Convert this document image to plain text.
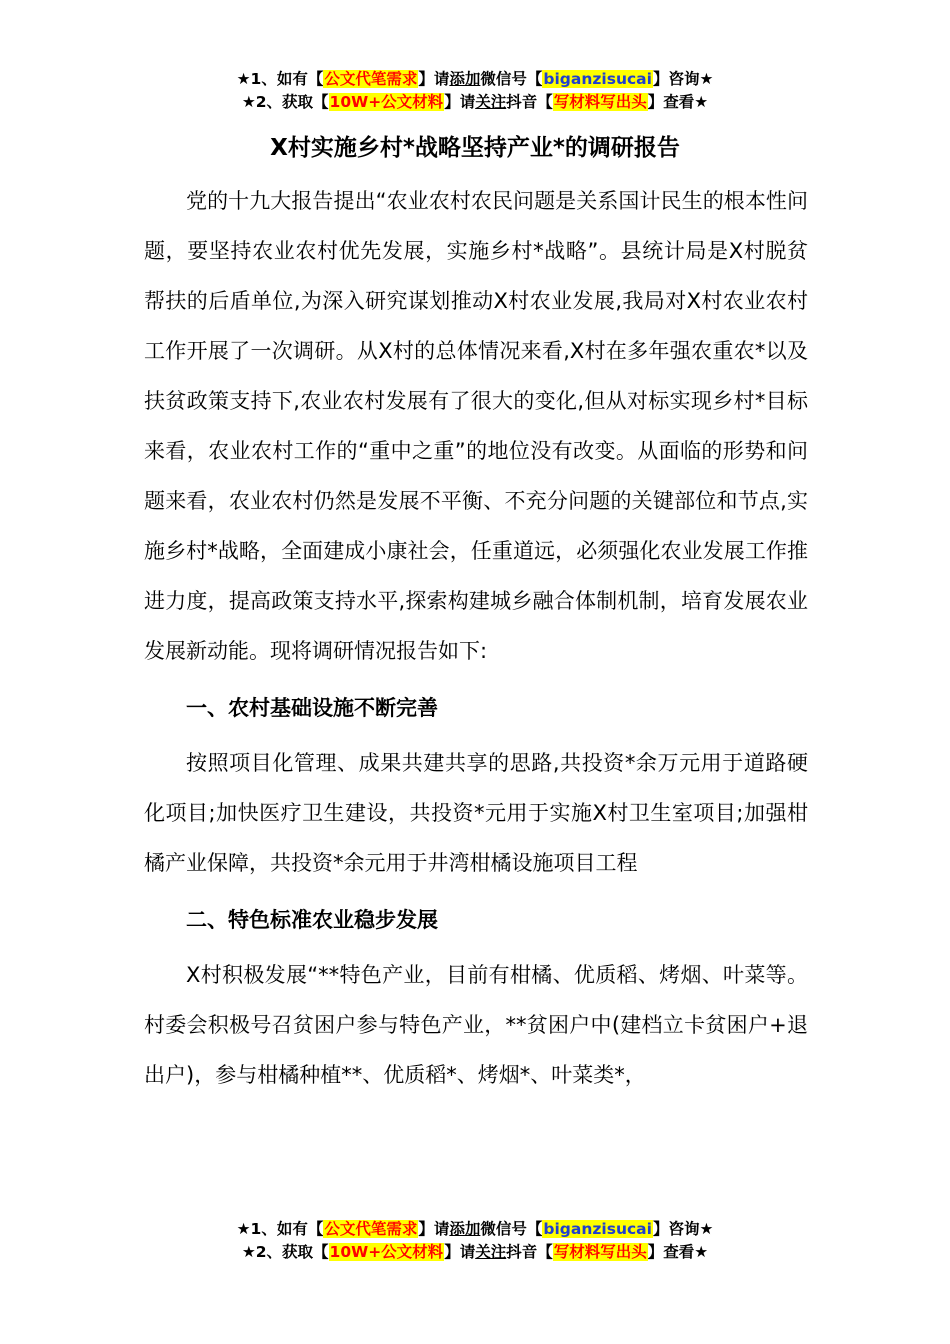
★1、如有【公文代笔需求】请添加微信号【biganzisucai】咨询★
★2、获取【10W+公文材料】请关注抖音【写材料写出头】查看★
X村实施乡村*战略坚持产业*的调研报告

党的十九大报告提出“农业农村农民问题是关系国计民生的根本性问题，要坚持农业农村优先发展，实施乡村*战略”。县统计局是X村脱贫帮扶的后盾单位,为深入研究谋划推动X村农业发展,我局对X村农业农村工作开展了一次调研。从X村的总体情况来看,X村在多年强农重农*以及扶贫政策支持下,农业农村发展有了很大的变化,但从对标实现乡村*目标来看，农业农村工作的“重中之重”的地位没有改变。从面临的形势和问题来看，农业农村仍然是发展不平衡、不充分问题的关键部位和节点,实施乡村*战略，全面建成小康社会，任重道远，必须强化农业发展工作推进力度，提高政策支持水平,探索构建城乡融合体制机制，培育发展农业发展新动能。现将调研情况报告如下:

一、农村基础设施不断完善

按照项目化管理、成果共建共享的思路,共投资*余万元用于道路硬化项目;加快医疗卫生建设，共投资*元用于实施X村卫生室项目;加强柑橘产业保障，共投资*余元用于井湾柑橘设施项目工程

二、特色标准农业稳步发展

X村积极发展“**特色产业，目前有柑橘、优质稻、烤烟、叶菜等。村委会积极号召贫困户参与特色产业，**贫困户中(建档立卡贫困户+退出户)，参与柑橘种植**、优质稻*、烤烟*、叶菜类*，

★1、如有【公文代笔需求】请添加微信号【biganzisucai】咨询★
★2、获取【10W+公文材料】请关注抖音【写材料写出头】查看★
